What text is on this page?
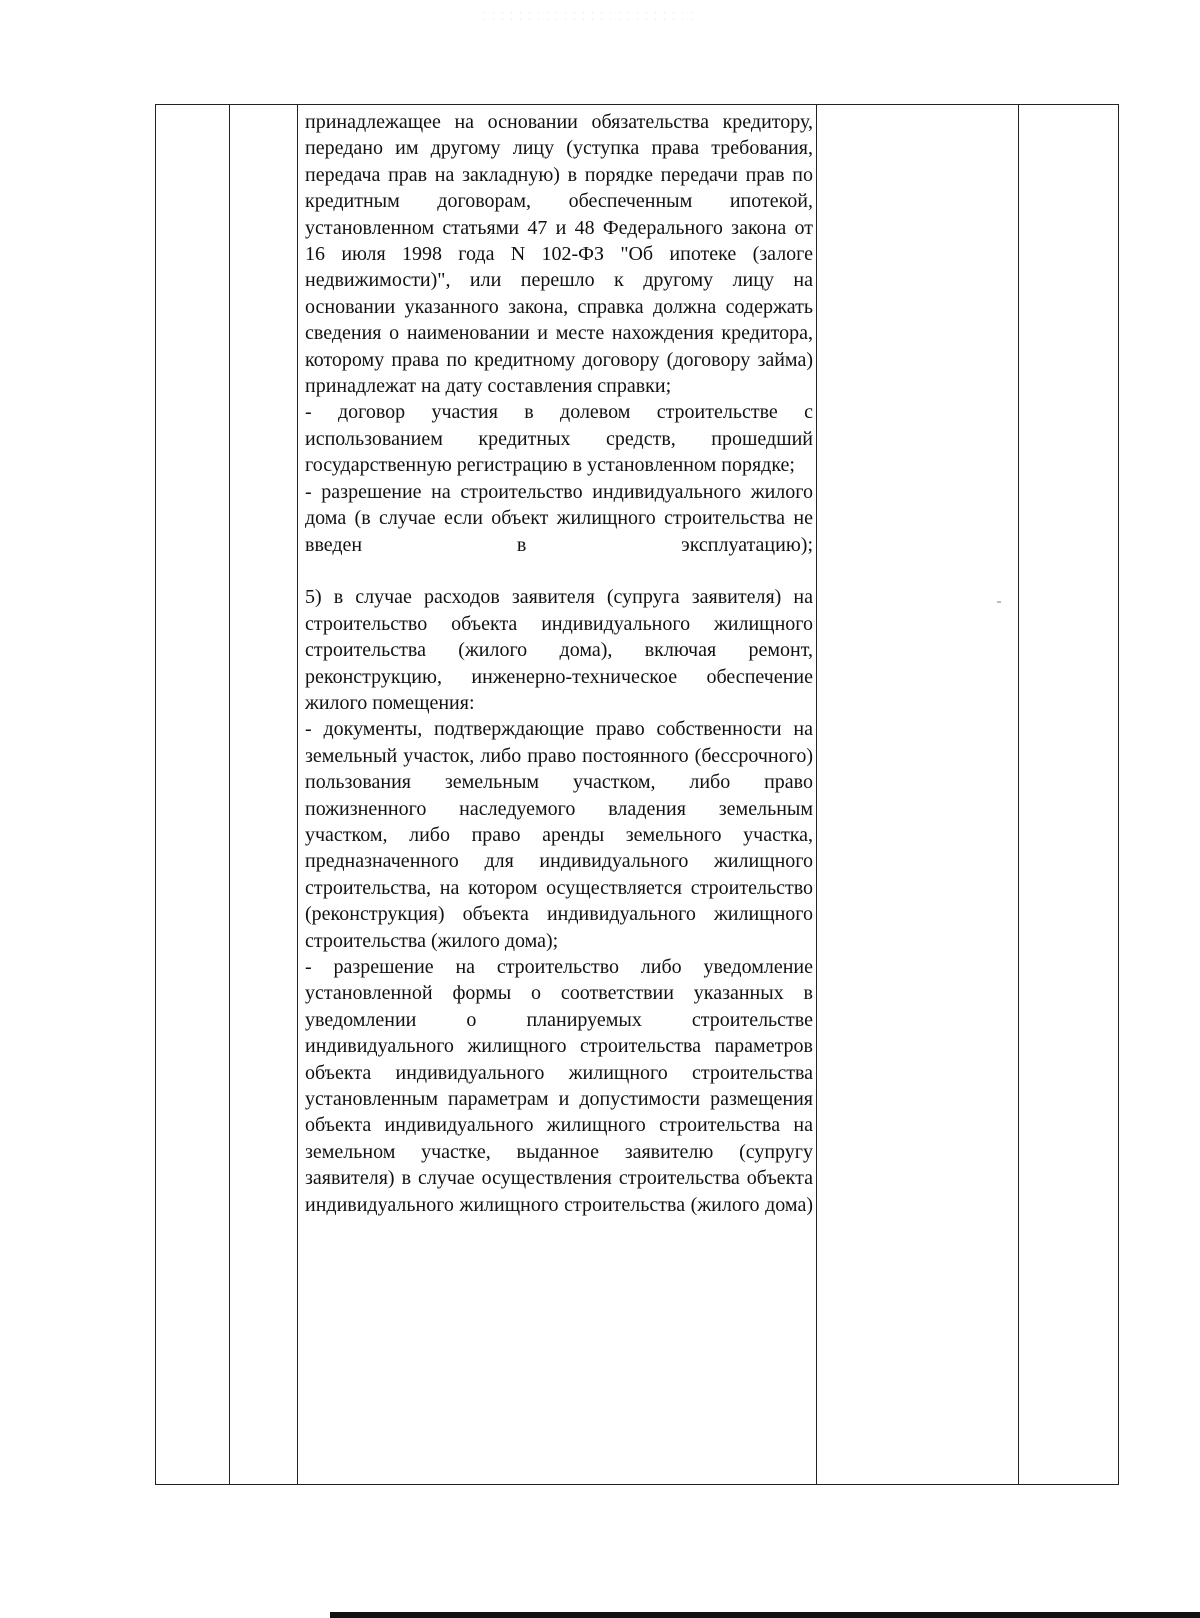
принадлежащее на основании обязательства кредитору, передано им другому лицу (уступка права требования, передача прав на закладную) в порядке передачи прав по кредитным договорам, обеспеченным ипотекой, установленном статьями 47 и 48 Федерального закона от 16 июля 1998 года N 102-ФЗ "Об ипотеке (залоге недвижимости)", или перешло к другому лицу на основании указанного закона, справка должна содержать сведения о наименовании и месте нахождения кредитора, которому права по кредитному договору (договору займа) принадлежат на дату составления справки;

- договор участия в долевом строительстве с использованием кредитных средств, прошедший государственную регистрацию в установленном порядке;

- разрешение на строительство индивидуального жилого дома (в случае если объект жилищного строительства не введен в эксплуатацию);

5) в случае расходов заявителя (супруга заявителя) на строительство объекта индивидуального жилищного строительства (жилого дома), включая ремонт, реконструкцию, инженерно-техническое обеспечение жилого помещения:

- документы, подтверждающие право собственности на земельный участок, либо право постоянного (бессрочного) пользования земельным участком, либо право пожизненного наследуемого владения земельным участком, либо право аренды земельного участка, предназначенного для индивидуального жилищного строительства, на котором осуществляется строительство (реконструкция) объекта индивидуального жилищного строительства (жилого дома);

- разрешение на строительство либо уведомление установленной формы о соответствии указанных в уведомлении о планируемых строительстве индивидуального жилищного строительства параметров объекта индивидуального жилищного строительства установленным параметрам и допустимости размещения объекта индивидуального жилищного строительства на земельном участке, выданное заявителю (супругу заявителя) в случае осуществления строительства объекта индивидуального жилищного строительства (жилого дома)
